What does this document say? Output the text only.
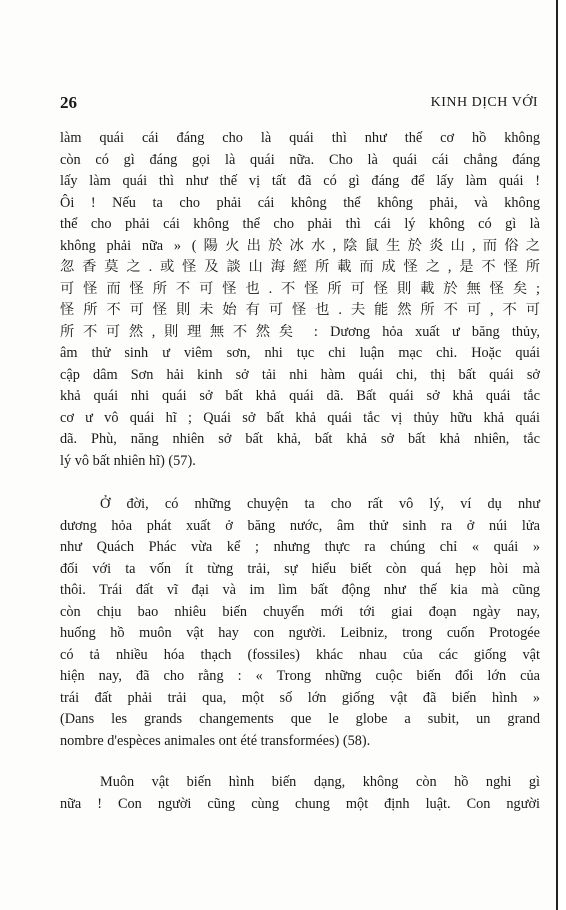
26	KINH DỊCH VỚI

làm quái cái đáng cho là quái thì như thế cơ hồ không
còn có gì đáng gọi là quái nữa. Cho là quái cái chẳng đáng
lấy làm quái thì như thế vị tất đã có gì đáng để lấy làm quái !
Ôi ! Nếu ta cho phải cái không thể không phải, và không
thể cho phải cái không thể cho phải thì cái lý không có gì là
không phải nữa » (陽火出於冰水,陰鼠生於炎山,而俗之
忽香莫之.或怪及談山海經所載而成怪之,是不怪所
可怪而怪所不可怪也.不怪所可怪則載於無怪矣;
怪所不可怪則未始有可怪也.夫能然所不可,不可
所不可然,則理無不然矣 : Dương hỏa xuất ư băng thủy,
âm thử sinh ư viêm sơn, nhi tục chi luận mạc chi. Hoặc quái
cập dâm Sơn hải kinh sở tải nhi hàm quái chi, thị bất quái sở
khả quái nhi quái sở bất khả quái dã. Bất quái sở khả quái tắc
cơ ư vô quái hĩ ; Quái sở bất khả quái tắc vị thủy hữu khả quái
dã. Phù, năng nhiên sở bất khả, bất khả sở bất khả nhiên, tắc
lý vô bất nhiên hĩ) (57).

Ở đời, có những chuyện ta cho rất vô lý, ví dụ như
dương hỏa phát xuất ở băng nước, âm thử sinh ra ở núi lửa
như Quách Phác vừa kể ; nhưng thực ra chúng chỉ « quái »
đối với ta vốn ít từng trải, sự hiểu biết còn quá hẹp hòi mà
thôi. Trái đất vĩ đại và im lìm bất động như thế kia mà cũng
còn chịu bao nhiêu biến chuyển mới tới giai đoạn ngày nay,
huống hồ muôn vật hay con người. Leibniz, trong cuốn Protogée
có tả nhiều hóa thạch (fossiles) khác nhau của các giống vật
hiện nay, đã cho rằng : « Trong những cuộc biến đổi lớn của
trái đất phải trải qua, một số lớn giống vật đã biến hình »
(Dans les grands changements que le globe a subit, un grand
nombre d'espèces animales ont été transformées) (58).

Muôn vật biến hình biến dạng, không còn hồ nghi gì
nữa ! Con người cũng cùng chung một định luật. Con người
